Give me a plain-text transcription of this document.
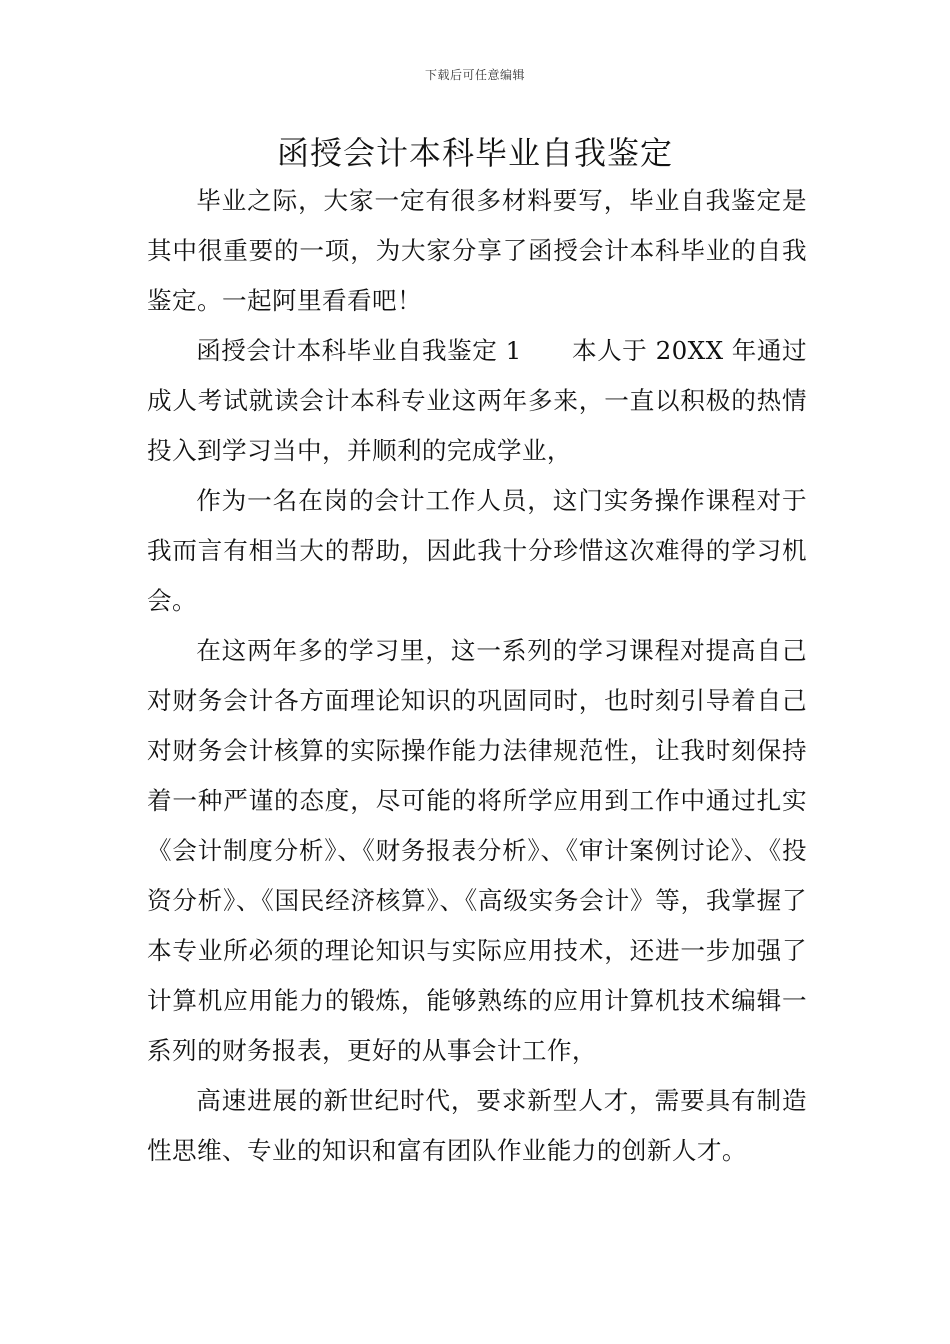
下载后可任意编辑
函授会计本科毕业自我鉴定

毕业之际，大家一定有很多材料要写，毕业自我鉴定是其中很重要的一项，为大家分享了函授会计本科毕业的自我鉴定。一起阿里看看吧！

函授会计本科毕业自我鉴定 1　　本人于 20XX 年通过成人考试就读会计本科专业这两年多来，一直以积极的热情投入到学习当中，并顺利的完成学业，

作为一名在岗的会计工作人员，这门实务操作课程对于我而言有相当大的帮助，因此我十分珍惜这次难得的学习机会。

在这两年多的学习里，这一系列的学习课程对提高自己对财务会计各方面理论知识的巩固同时，也时刻引导着自己对财务会计核算的实际操作能力法律规范性，让我时刻保持着一种严谨的态度，尽可能的将所学应用到工作中通过扎实《会计制度分析》、《财务报表分析》、《审计案例讨论》、《投资分析》、《国民经济核算》、《高级实务会计》等，我掌握了本专业所必须的理论知识与实际应用技术，还进一步加强了计算机应用能力的锻炼，能够熟练的应用计算机技术编辑一系列的财务报表，更好的从事会计工作，

高速进展的新世纪时代，要求新型人才，需要具有制造性思维、专业的知识和富有团队作业能力的创新人才。
